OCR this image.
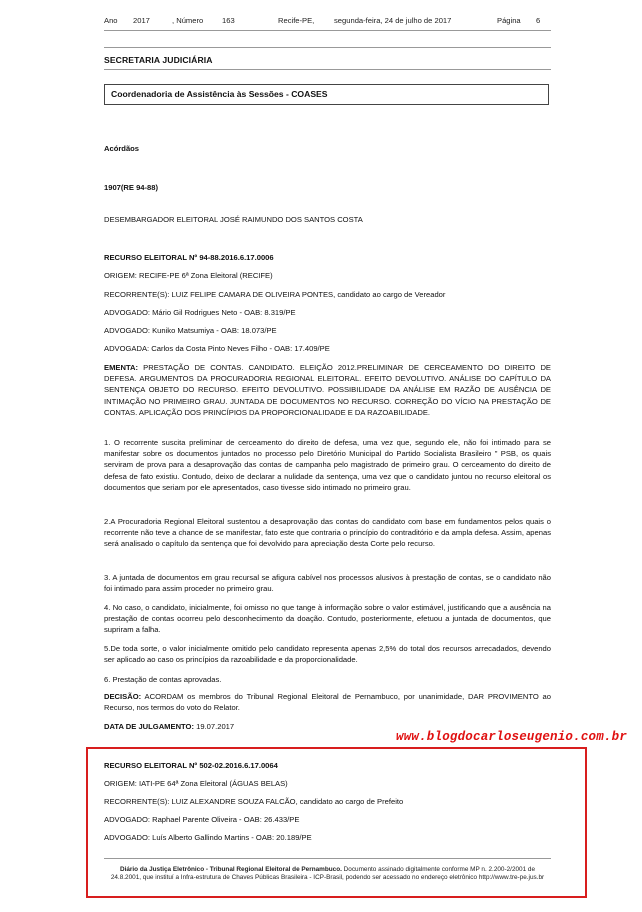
Ano 2017	, Número 163	Recife-PE,	segunda-feira, 24 de julho de 2017	Página 6
SECRETARIA JUDICIÁRIA
Coordenadoria de Assistência às Sessões - COASES
Acórdãos
1907(RE 94-88)
DESEMBARGADOR ELEITORAL JOSÉ RAIMUNDO DOS SANTOS COSTA
RECURSO ELEITORAL Nº 94-88.2016.6.17.0006
ORIGEM: RECIFE-PE 6ª Zona Eleitoral (RECIFE)
RECORRENTE(S): LUIZ FELIPE CAMARA DE OLIVEIRA PONTES, candidato ao cargo de Vereador
ADVOGADO: Mário Gil Rodrigues Neto - OAB: 8.319/PE
ADVOGADO: Kuniko Matsumiya - OAB: 18.073/PE
ADVOGADA: Carlos da Costa Pinto Neves Filho - OAB: 17.409/PE
EMENTA: PRESTAÇÃO DE CONTAS. CANDIDATO. ELEIÇÃO 2012.PRELIMINAR DE CERCEAMENTO DO DIREITO DE DEFESA. ARGUMENTOS DA PROCURADORIA REGIONAL ELEITORAL. EFEITO DEVOLUTIVO. ANÁLISE DO CAPÍTULO DA SENTENÇA OBJETO DO RECURSO. EFEITO DEVOLUTIVO. POSSIBILIDADE DA ANÁLISE EM RAZÃO DE AUSÊNCIA DE INTIMAÇÃO NO PRIMEIRO GRAU. JUNTADA DE DOCUMENTOS NO RECURSO. CORREÇÃO DO VÍCIO NA PRESTAÇÃO DE CONTAS. APLICAÇÃO DOS PRINCÍPIOS DA PROPORCIONALIDADE E DA RAZOABILIDADE.
1. O recorrente suscita preliminar de cerceamento do direito de defesa, uma vez que, segundo ele, não foi intimado para se manifestar sobre os documentos juntados no processo pelo Diretório Municipal do Partido Socialista Brasileiro " PSB, os quais serviram de prova para a desaprovação das contas de campanha pelo magistrado de primeiro grau. O cerceamento do direito de defesa de fato existiu. Contudo, deixo de declarar a nulidade da sentença, uma vez que o candidato juntou no recurso eleitoral os documentos que seriam por ele apresentados, caso tivesse sido intimado no primeiro grau.
2.A Procuradoria Regional Eleitoral sustentou a desaprovação das contas do candidato com base em fundamentos pelos quais o recorrente não teve a chance de se manifestar, fato este que contraria o princípio do contraditório e da ampla defesa. Assim, apenas será analisado o capítulo da sentença que foi devolvido para apreciação desta Corte pelo recurso.
3. A juntada de documentos em grau recursal se afigura cabível nos processos alusivos à prestação de contas, se o candidato não foi intimado para assim proceder no primeiro grau.
4. No caso, o candidato, inicialmente, foi omisso no que tange à informação sobre o valor estimável, justificando que a ausência na prestação de contas ocorreu pelo desconhecimento da doação. Contudo, posteriormente, efetuou a juntada de documentos, que supriram a falha.
5.De toda sorte, o valor inicialmente omitido pelo candidato representa apenas 2,5% do total dos recursos arrecadados, devendo ser aplicado ao caso os princípios da razoabilidade e da proporcionalidade.
6. Prestação de contas aprovadas.
DECISÃO: ACORDAM os membros do Tribunal Regional Eleitoral de Pernambuco, por unanimidade, DAR PROVIMENTO ao Recurso, nos termos do voto do Relator.
DATA DE JULGAMENTO: 19.07.2017
www.blogdocarloseugenio.com.br
RECURSO ELEITORAL Nº 502-02.2016.6.17.0064
ORIGEM: IATI-PE 64ª Zona Eleitoral (ÁGUAS BELAS)
RECORRENTE(S): LUIZ ALEXANDRE SOUZA FALCÃO, candidato ao cargo de Prefeito
ADVOGADO: Raphael Parente Oliveira - OAB: 26.433/PE
ADVOGADO: Luís Alberto Gallindo Martins - OAB: 20.189/PE
Diário da Justiça Eletrônico - Tribunal Regional Eleitoral de Pernambuco. Documento assinado digitalmente conforme MP n. 2.200-2/2001 de 24.8.2001, que instituí a Infra-estrutura de Chaves Públicas Brasileira - ICP-Brasil, podendo ser acessado no endereço eletrônico http://www.tre-pe.jus.br
